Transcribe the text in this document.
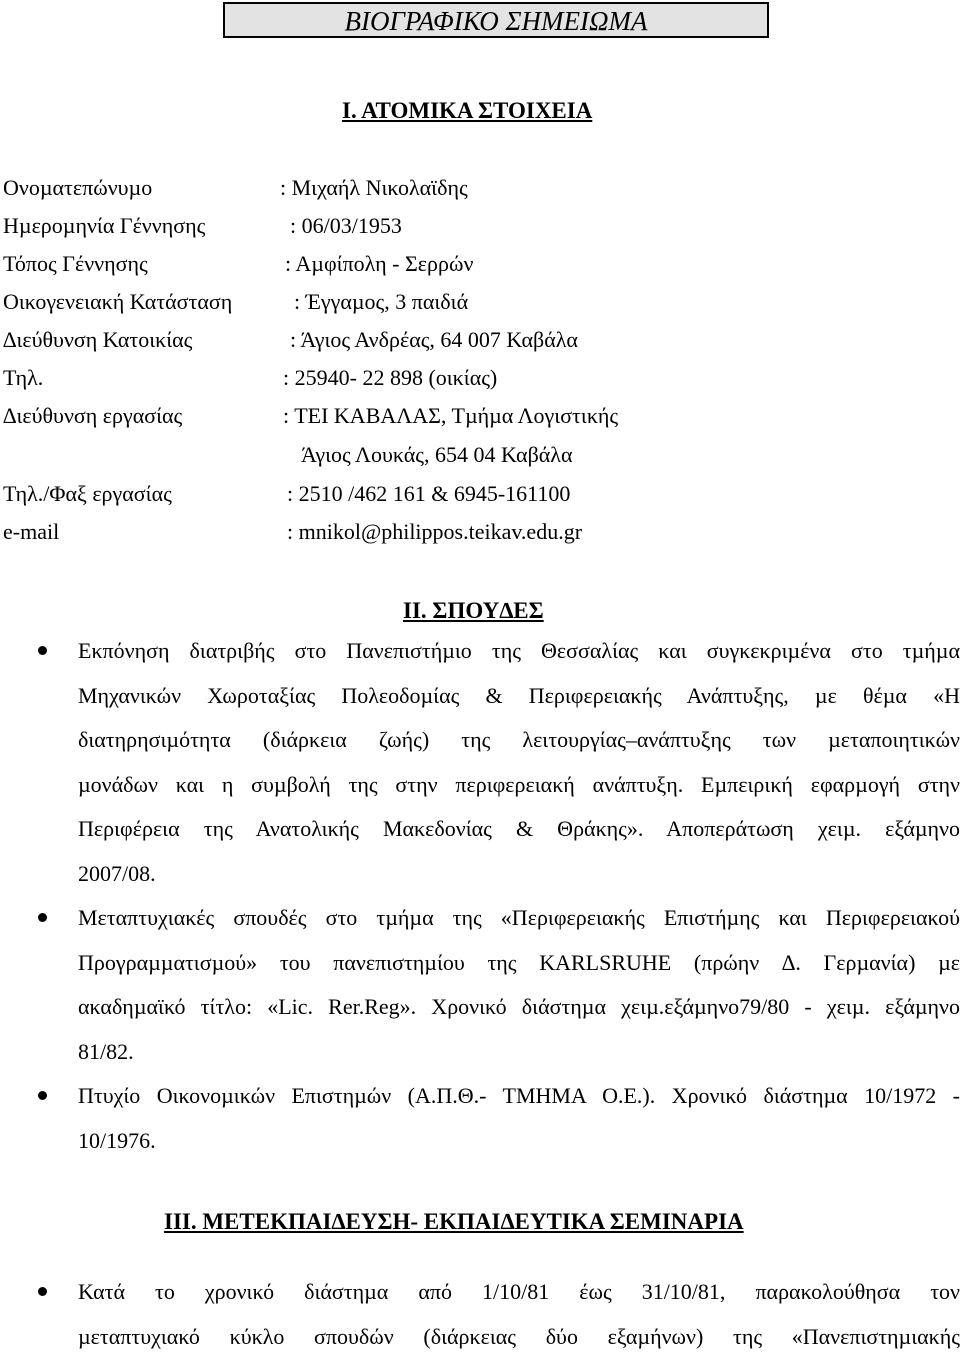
ΒΙΟΓΡΑΦΙΚΟ ΣΗΜΕΙΩΜΑ
Ι. ΑΤΟΜΙΚΑ ΣΤΟΙΧΕΙΑ
Ονοµατεπώνυµο	: Μιχαήλ Νικολαϊδης
Ηµεροµηνία Γέννησης	: 06/03/1953
Τόπος Γέννησης	: Αµφίπολη - Σερρών
Οικογενειακή Κατάσταση	: Έγγαµος, 3 παιδιά
∆ιεύθυνση Κατοικίας	: Άγιος Ανδρέας, 64 007 Καβάλα
Τηλ.	: 25940- 22 898 (οικίας)
∆ιεύθυνση εργασίας	: ΤΕΙ ΚΑΒΑΛΑΣ, Τµήµα Λογιστικής
Άγιος Λουκάς, 654 04 Καβάλα
Τηλ./Φαξ εργασίας	: 2510 /462 161 & 6945-161100
e-mail	: mnikol@philippos.teikav.edu.gr
ΙΙ. ΣΠΟΥ∆ΕΣ
Εκπόνηση διατριβής στο Πανεπιστήµιο της Θεσσαλίας και συγκεκριµένα στο τµήµα
Μηχανικών Χωροταξίας Πολεοδοµίας & Περιφερειακής Ανάπτυξης, µε θέµα «Η
διατηρησιµότητα (διάρκεια ζωής) της λειτουργίας–ανάπτυξης των µεταποιητικών
µονάδων και η συµβολή της στην περιφερειακή ανάπτυξη. Εµπειρική εφαρµογή στην
Περιφέρεια της Ανατολικής Μακεδονίας & Θράκης». Αποπεράτωση χειµ. εξάµηνο
2007/08.
Μεταπτυχιακές σπουδές στο τµήµα της «Περιφερειακής Επιστήµης και Περιφερειακού
Προγραµµατισµού» του πανεπιστηµίου της KARLSRUHE (πρώην ∆. Γερµανία) µε
ακαδηµαϊκό τίτλο: «Lic. Rer.Reg». Χρονικό διάστηµα χειµ.εξάµηνο79/80 - χειµ. εξάµηνο
81/82.
Πτυχίο Οικονοµικών Επιστηµών (Α.Π.Θ.- ΤΜΗΜΑ Ο.Ε.). Χρονικό διάστηµα 10/1972 -
10/1976.
ΙΙΙ. ΜΕΤΕΚΠΑΙ∆ΕΥΣΗ- ΕΚΠΑΙ∆ΕΥΤΙΚΑ ΣΕΜΙΝΑΡΙΑ
Κατά το χρονικό διάστηµα από 1/10/81 έως 31/10/81, παρακολούθησα τον
µεταπτυχιακό κύκλο σπουδών (διάρκειας δύο εξαµήνων) της «Πανεπιστηµιακής
